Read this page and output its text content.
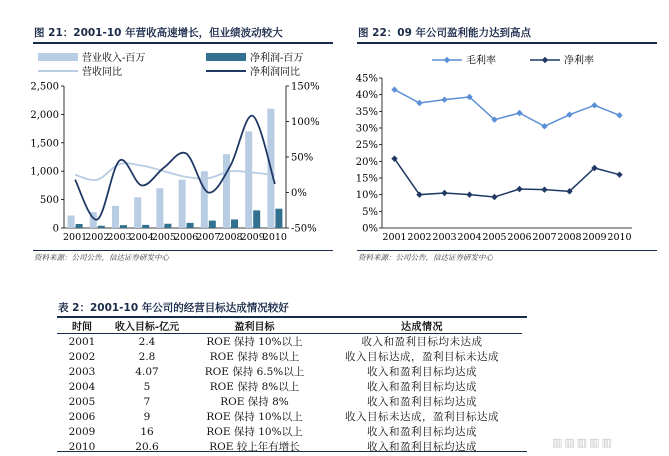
图 21：2001-10 年营收高速增长，但业绩波动较大
0
500
1,000
1,500
2,000
2,500
-50%
0%
50%
100%
150%
2001
2002
2003
2004
2005
2006
2007
2008
2009
2010
营业收入-百万	净利润-百万
营收同比	净利润同比
资料来源：公司公告，信达证券研发中心
图 22：09 年公司盈利能力达到高点
0%
5%
10%
15%
20%
25%
30%
35%
40%
45%
2001 2002 2003 2004 2005 2006 2007 2008 2009 2010
毛利率	净利率
资料来源：公司公告，信达证券研发中心
表 2：2001-10 年公司的经营目标达成情况较好
时间	收入目标-亿元	盈利目标	达成情况
2001	2.4	ROE 保持 10%以上	收入和盈利目标均未达成
2002	2.8	ROE 保持 8%以上	收入目标达成，盈利目标未达成
2003	4.07	ROE 保持 6.5%以上	收入和盈利目标均达成
2004	5	ROE 保持 8%以上	收入和盈利目标均达成
2005	7	ROE 保持 8%	收入和盈利目标均达成
2006	9	ROE 保持 10%以上	收入目标未达成，盈利目标达成
2009	16	ROE 保持 10%以上	收入和盈利目标均达成
2010	20.6	ROE 较上年有增长	收入和盈利目标均达成	▥▥▥▥▥
